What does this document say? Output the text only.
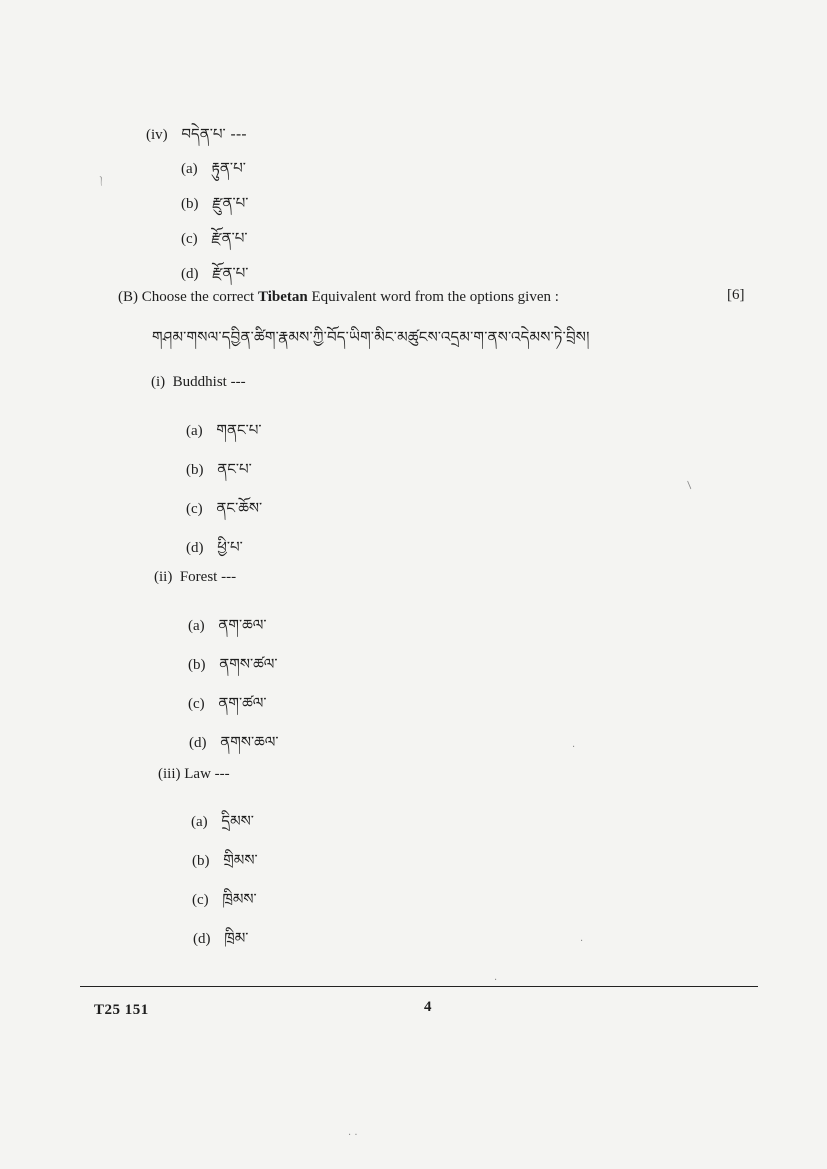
(iv) བདེན་པ་ ---
(a) རྟུན་པ་
(b) རྫུན་པ་
(c) རྫོན་པ་
(d) རྫོན་པ་
(B) Choose the correct Tibetan Equivalent word from the options given :	[6]
གཤམ་གསལ་དབྱིན་ཚིག་རྣམས་ཀྱི་བོད་ཡིག་མིང་མཚུངས་འདྲམ་ག་ནས་འདེམས་ཏེ་བྲིས།
(i) Buddhist ---
(a) གནང་པ་
(b) ནང་པ་
(c) ནང་ཆོས་
(d) ཕྱི་པ་
(ii) Forest ---
(a) ནག་ཆལ་
(b) ནགས་ཚལ་
(c) ནག་ཚལ་
(d) ནགས་ཆལ་
(iii) Law ---
(a) དྲིམས་
(b) གྲིམས་
(c) ཁྲིམས་
(d) ཁྲིམ་
T25 151	4
〳
/
·
·
·
· ·
